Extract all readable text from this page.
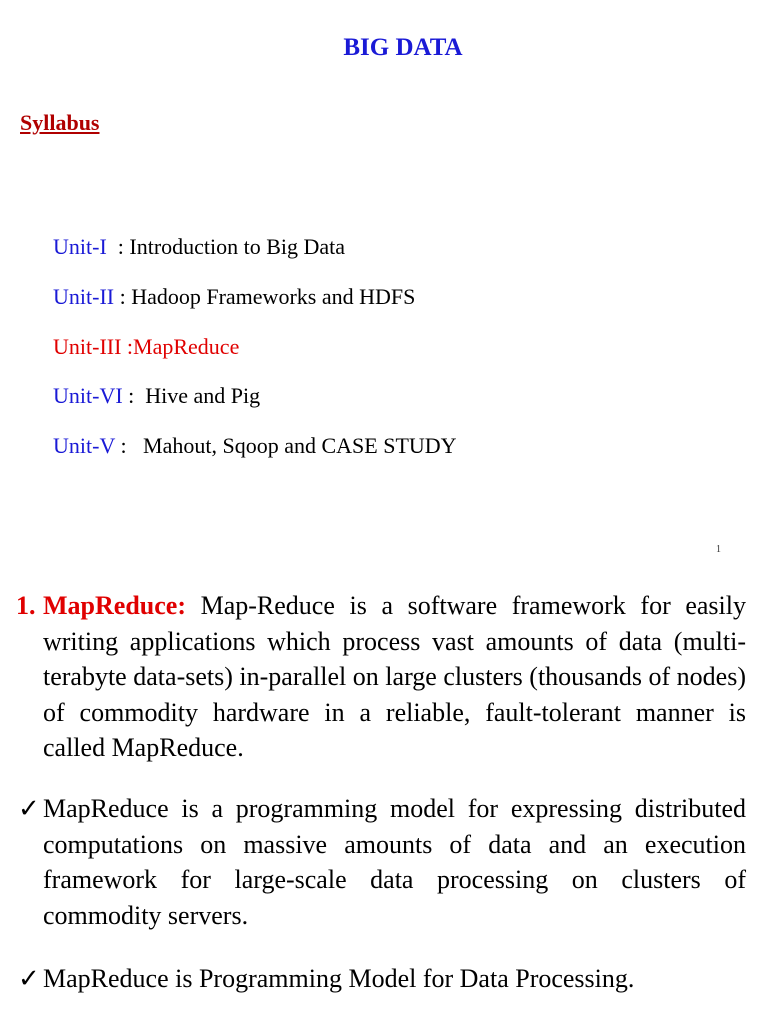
BIG DATA
Syllabus

Unit-I  : Introduction to Big Data

Unit-II : Hadoop Frameworks and HDFS

Unit-III :MapReduce

Unit-VI :  Hive and Pig

Unit-V :   Mahout, Sqoop and CASE STUDY

1
1. MapReduce: Map-Reduce is a software framework for easily writing applications which process vast amounts of data (multi-terabyte data-sets) in-parallel on large clusters (thousands of nodes) of commodity hardware in a reliable, fault-tolerant manner is called MapReduce.
✓ MapReduce is a programming model for expressing distributed computations on massive amounts of data and an execution framework for large-scale data processing on clusters of commodity servers.
✓ MapReduce is Programming Model for Data Processing.
